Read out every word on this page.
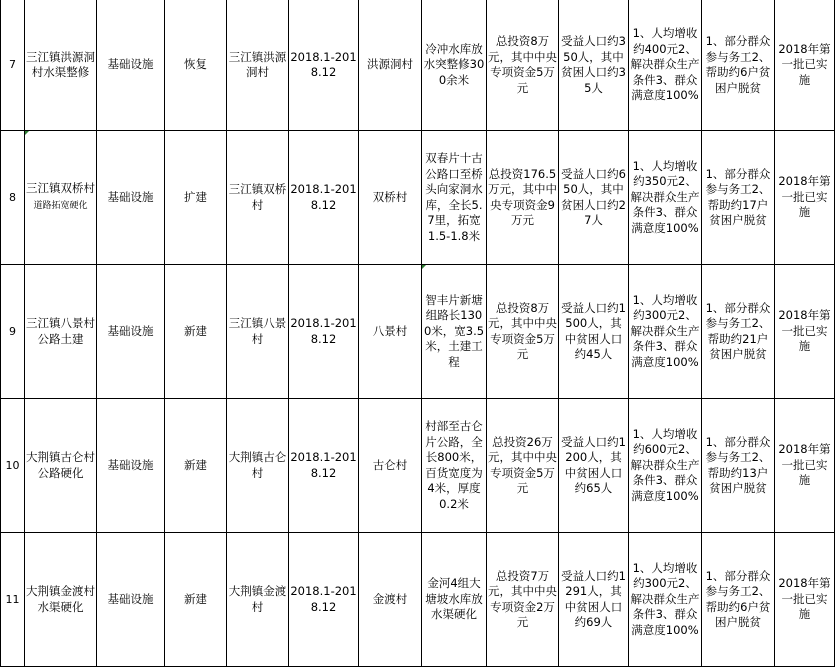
7	三江镇洪源洞村水渠整修	基础设施	恢复	三江镇洪源洞村	2018.1-2018.12	洪源洞村	冷冲水库放水突整修300余米	总投资8万元，其中中央专项资金5万元	受益人口约350人，其中贫困人口约35人	1、人均增收约400元2、解决群众生产条件3、群众满意度100%	1、部分群众参与务工2、帮助约6户贫困户脱贫	2018年第一批已实施
8	三江镇双桥村道路拓宽硬化	基础设施	扩建	三江镇双桥村	2018.1-2018.12	双桥村	双春片十古公路口至桥头向家洞水库，全长5.7里，拓宽1.5-1.8米	总投资176.5万元，其中中央专项资金9万元	受益人口约650人，其中贫困人口约27人	1、人均增收约350元2、解决群众生产条件3、群众满意度100%	1、部分群众参与务工2、帮助约17户贫困户脱贫	2018年第一批已实施
9	三江镇八景村公路土建	基础设施	新建	三江镇八景村	2018.1-2018.12	八景村	智丰片新塘组路长1300米，宽3.5米，土建工程	总投资8万元，其中中央专项资金5万元	受益人口约1500人，其中贫困人口约45人	1、人均增收约300元2、解决群众生产条件3、群众满意度100%	1、部分群众参与务工2、帮助约21户贫困户脱贫	2018年第一批已实施
10	大荆镇古仑村公路硬化	基础设施	新建	大荆镇古仑村	2018.1-2018.12	古仑村	村部至古仑片公路，全长800米，百货宽度为4米，厚度0.2米	总投资26万元，其中中央专项资金5万元	受益人口约1200人，其中贫困人口约65人	1、人均增收约600元2、解决群众生产条件3、群众满意度100%	1、部分群众参与务工2、帮助约13户贫困户脱贫	2018年第一批已实施
11	大荆镇金渡村水渠硬化	基础设施	新建	大荆镇金渡村	2018.1-2018.12	金渡村	金河4组大塘坡水库放水渠硬化	总投资7万元，其中中央专项资金2万元	受益人口约1291人，其中贫困人口约69人	1、人均增收约300元2、解决群众生产条件3、群众满意度100%	1、部分群众参与务工2、帮助约6户贫困户脱贫	2018年第一批已实施
